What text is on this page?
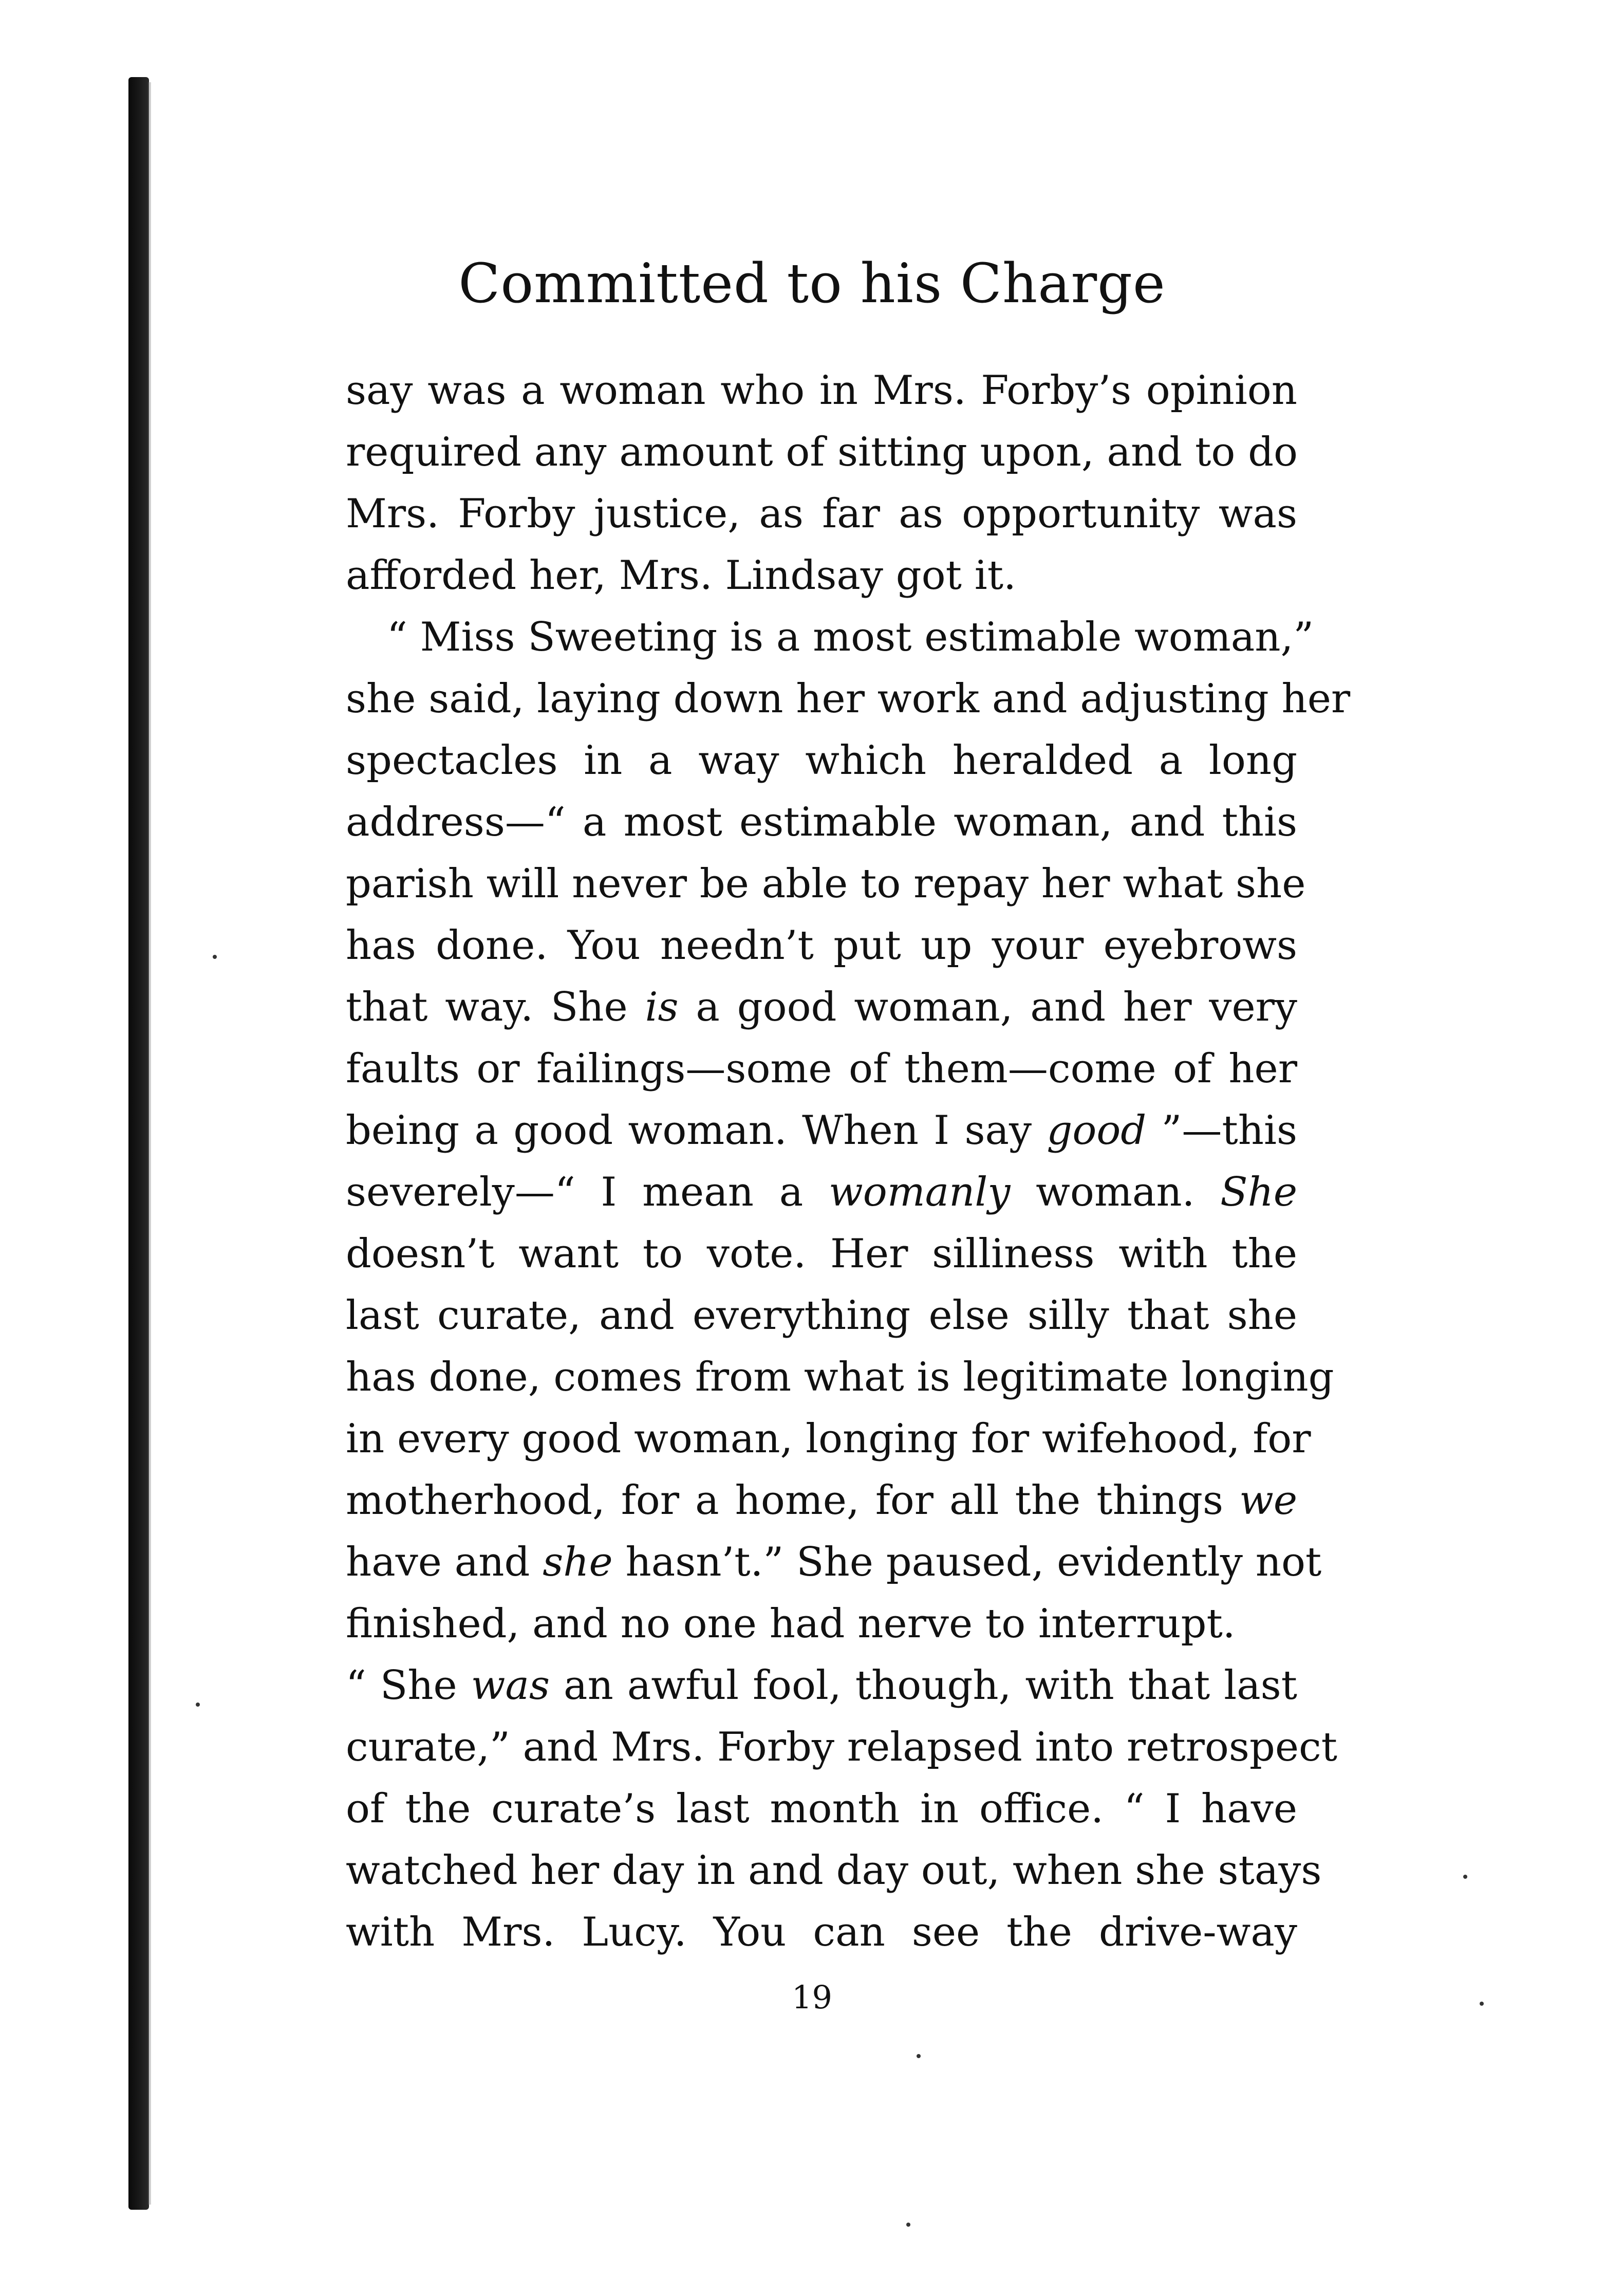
Committed to his Charge
say was a woman who in Mrs. Forby’s opinion
required any amount of sitting upon, and to do
Mrs. Forby justice, as far as opportunity was
afforded her, Mrs. Lindsay got it.
“ Miss Sweeting is a most estimable woman,”
she said, laying down her work and adjusting her
spectacles in a way which heralded a long
address—“ a most estimable woman, and this
parish will never be able to repay her what she
has done. You needn’t put up your eyebrows
that way. She is a good woman, and her very
faults or failings—some of them—come of her
being a good woman. When I say good ”—this
severely—“ I mean a womanly woman. She
doesn’t want to vote. Her silliness with the
last curate, and everything else silly that she
has done, comes from what is legitimate longing
in every good woman, longing for wifehood, for
motherhood, for a home, for all the things we
have and she hasn’t.” She paused, evidently not
finished, and no one had nerve to interrupt.
“ She was an awful fool, though, with that last
curate,” and Mrs. Forby relapsed into retrospect
of the curate’s last month in office. “ I have
watched her day in and day out, when she stays
with Mrs. Lucy. You can see the drive-way
19
